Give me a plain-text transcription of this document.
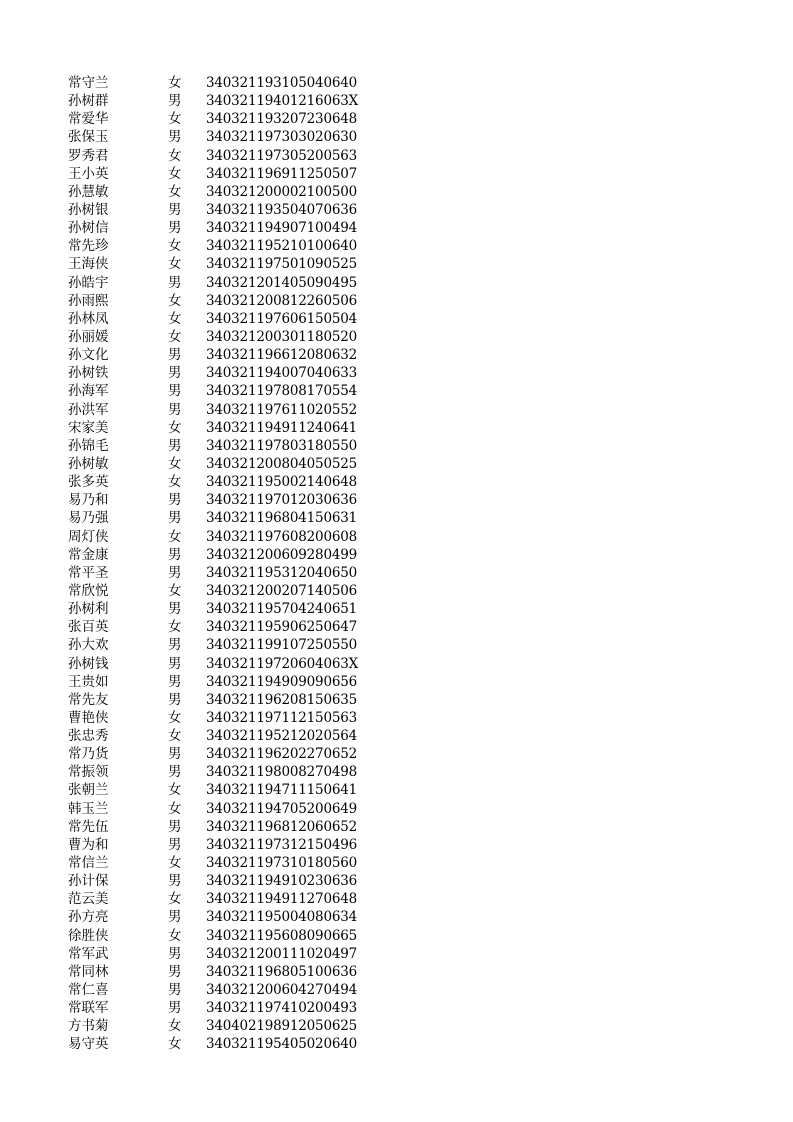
常守兰	女	340321193105040640
孙树群	男	34032119401216063X
常爱华	女	340321193207230648
张保玉	男	340321197303020630
罗秀君	女	340321197305200563
王小英	女	340321196911250507
孙慧敏	女	340321200002100500
孙树银	男	340321193504070636
孙树信	男	340321194907100494
常先珍	女	340321195210100640
王海侠	女	340321197501090525
孙皓宇	男	340321201405090495
孙雨熙	女	340321200812260506
孙林凤	女	340321197606150504
孙丽媛	女	340321200301180520
孙文化	男	340321196612080632
孙树铁	男	340321194007040633
孙海军	男	340321197808170554
孙洪军	男	340321197611020552
宋家美	女	340321194911240641
孙锦毛	男	340321197803180550
孙树敏	女	340321200804050525
张多英	女	340321195002140648
易乃和	男	340321197012030636
易乃强	男	340321196804150631
周灯侠	女	340321197608200608
常金康	男	340321200609280499
常平圣	男	340321195312040650
常欣悦	女	340321200207140506
孙树利	男	340321195704240651
张百英	女	340321195906250647
孙大欢	男	340321199107250550
孙树钱	男	34032119720604063X
王贵如	男	340321194909090656
常先友	男	340321196208150635
曹艳侠	女	340321197112150563
张忠秀	女	340321195212020564
常乃货	男	340321196202270652
常振领	男	340321198008270498
张朝兰	女	340321194711150641
韩玉兰	女	340321194705200649
常先伍	男	340321196812060652
曹为和	男	340321197312150496
常信兰	女	340321197310180560
孙计保	男	340321194910230636
范云美	女	340321194911270648
孙方亮	男	340321195004080634
徐胜侠	女	340321195608090665
常军武	男	340321200111020497
常同林	男	340321196805100636
常仁喜	男	340321200604270494
常联军	男	340321197410200493
方书菊	女	340402198912050625
易守英	女	340321195405020640
